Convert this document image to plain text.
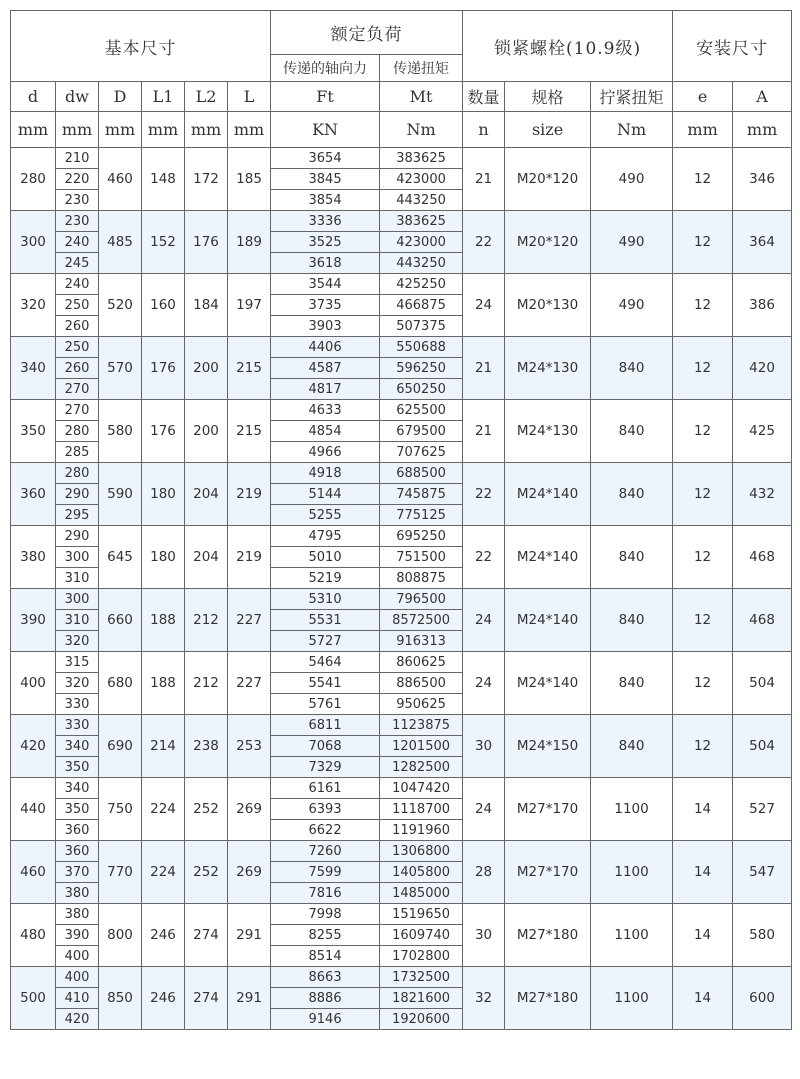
基本尺寸						额定负荷		锁紧螺栓(10.9级)			安装尺寸	
						传递的轴向力	传递扭矩					
d	dw	D	L1	L2	L	Ft	Mt	数量	规格	拧紧扭矩	e	A
mm	mm	mm	mm	mm	mm	KN	Nm	n	size	Nm	mm	mm
280	210	460	148	172	185	3654	383625	21	M20*120	490	12	346
	220					3845	423000					
	230					3854	443250					
300	230	485	152	176	189	3336	383625	22	M20*120	490	12	364
	240					3525	423000					
	245					3618	443250					
320	240	520	160	184	197	3544	425250	24	M20*130	490	12	386
	250					3735	466875					
	260					3903	507375					
340	250	570	176	200	215	4406	550688	21	M24*130	840	12	420
	260					4587	596250					
	270					4817	650250					
350	270	580	176	200	215	4633	625500	21	M24*130	840	12	425
	280					4854	679500					
	285					4966	707625					
360	280	590	180	204	219	4918	688500	22	M24*140	840	12	432
	290					5144	745875					
	295					5255	775125					
380	290	645	180	204	219	4795	695250	22	M24*140	840	12	468
	300					5010	751500					
	310					5219	808875					
390	300	660	188	212	227	5310	796500	24	M24*140	840	12	468
	310					5531	8572500					
	320					5727	916313					
400	315	680	188	212	227	5464	860625	24	M24*140	840	12	504
	320					5541	886500					
	330					5761	950625					
420	330	690	214	238	253	6811	1123875	30	M24*150	840	12	504
	340					7068	1201500					
	350					7329	1282500					
440	340	750	224	252	269	6161	1047420	24	M27*170	1100	14	527
	350					6393	1118700					
	360					6622	1191960					
460	360	770	224	252	269	7260	1306800	28	M27*170	1100	14	547
	370					7599	1405800					
	380					7816	1485000					
480	380	800	246	274	291	7998	1519650	30	M27*180	1100	14	580
	390					8255	1609740					
	400					8514	1702800					
500	400	850	246	274	291	8663	1732500	32	M27*180	1100	14	600
	410					8886	1821600					
	420					9146	1920600					
